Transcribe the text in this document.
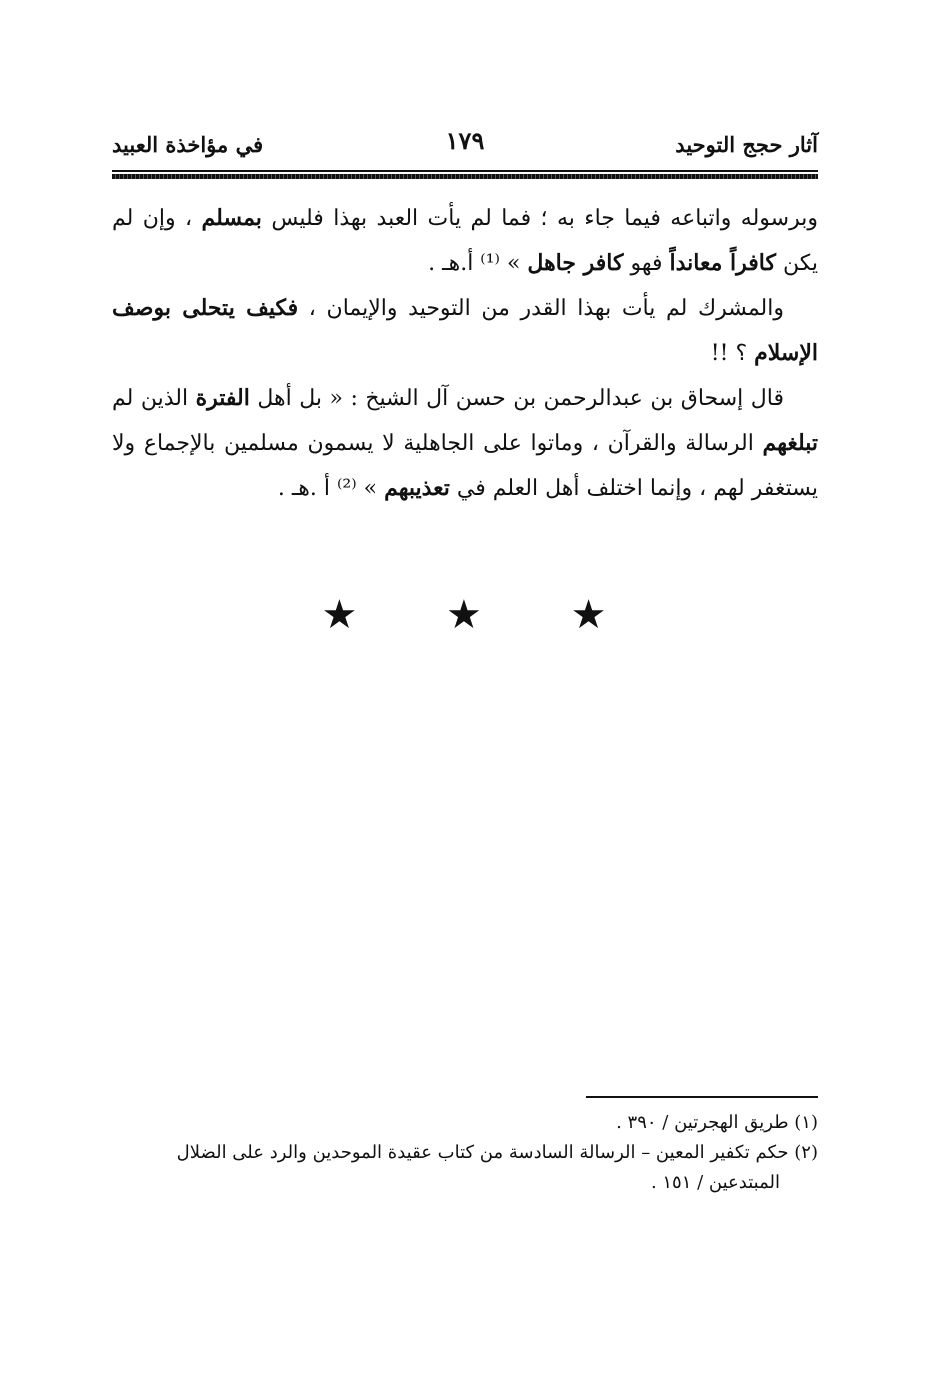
آثار حجج التوحيد
١٧٩
في مؤاخذة العبيد

وبرسوله واتباعه فيما جاء به ؛ فما لم يأت العبد بهذا فليس بمسلم ، وإن لم يكن كافراً معانداً فهو كافر جاهل » ⁽¹⁾ أ.هـ .

والمشرك لم يأت بهذا القدر من التوحيد والإيمان ، فكيف يتحلى بوصف الإسلام ؟ !!

قال إسحاق بن عبدالرحمن بن حسن آل الشيخ : « بل أهل الفترة الذين لم تبلغهم الرسالة والقرآن ، وماتوا على الجاهلية لا يسمون مسلمين بالإجماع ولا يستغفر لهم ، وإنما اختلف أهل العلم في تعذيبهم » ⁽²⁾ أ .هـ .

★ ★ ★

(١) طريق الهجرتين / ٣٩٠ .

(٢) حكم تكفير المعين – الرسالة السادسة من كتاب عقيدة الموحدين والرد على الضلال

المبتدعين / ١٥١ .
